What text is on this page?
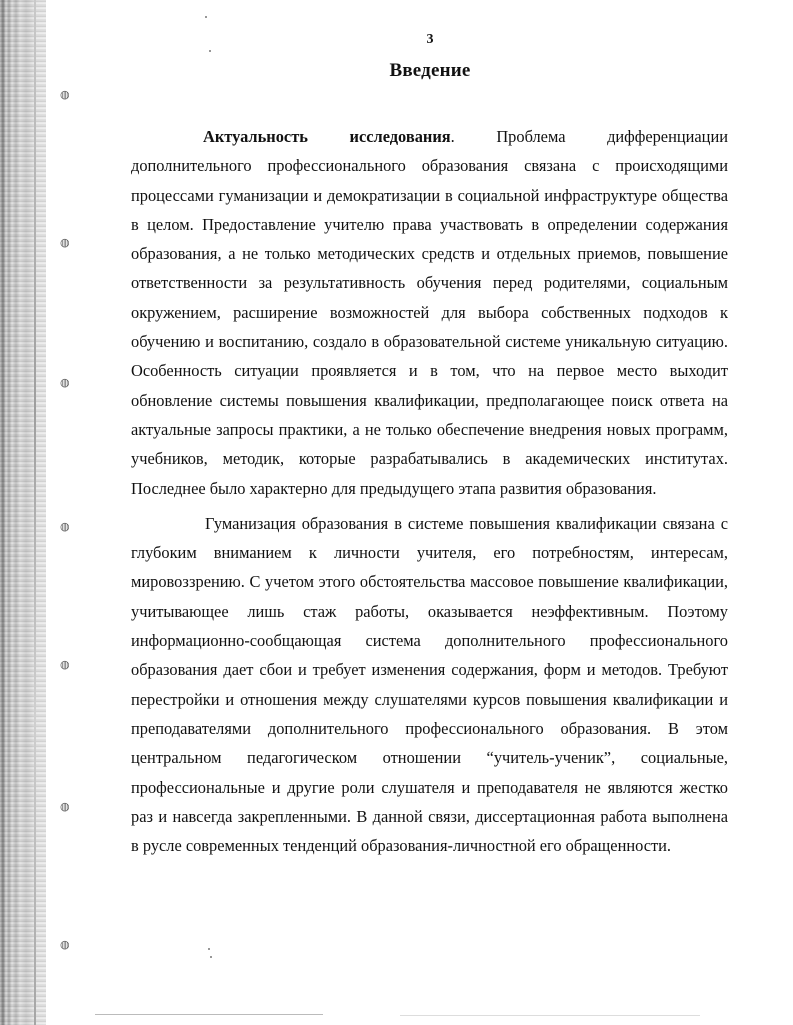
◍
◍
◍
◍
◍
◍
◍
3
Введение

Актуальность исследования. Проблема дифференциации дополнительного профессионального образования связана с происходящими процессами гуманизации и демократизации в социальной инфраструктуре общества в целом. Предоставление учителю права участвовать в определении содержания образования, а не только методических средств и отдельных приемов, повышение ответственности за результативность обучения перед родителями, социальным окружением, расширение возможностей для выбора собственных подходов к обучению и воспитанию, создало в образовательной системе уникальную ситуацию. Особенность ситуации проявляется и в том, что на первое место выходит обновление системы повышения квалификации, предполагающее поиск ответа на актуальные запросы практики, а не только обеспечение внедрения новых программ, учебников, методик, которые разрабатывались в академических институтах. Последнее было характерно для предыдущего этапа развития образования.

Гуманизация образования в системе повышения квалификации связана с глубоким вниманием к личности учителя, его потребностям, интересам, мировоззрению. С учетом этого обстоятельства массовое повышение квалификации, учитывающее лишь стаж работы, оказывается неэффективным. Поэтому информационно-сообщающая система дополнительного профессионального образования дает сбои и требует изменения содержания, форм и методов. Требуют перестройки и отношения между слушателями курсов повышения квалификации и преподавателями дополнительного профессионального образования. В этом центральном педагогическом отношении “учитель-ученик”, социальные, профессиональные и другие роли слушателя и преподавателя не являются жестко раз и навсегда закрепленными. В данной связи, диссертационная работа выполнена в русле современных тенденций образования-личностной его обращенности.
